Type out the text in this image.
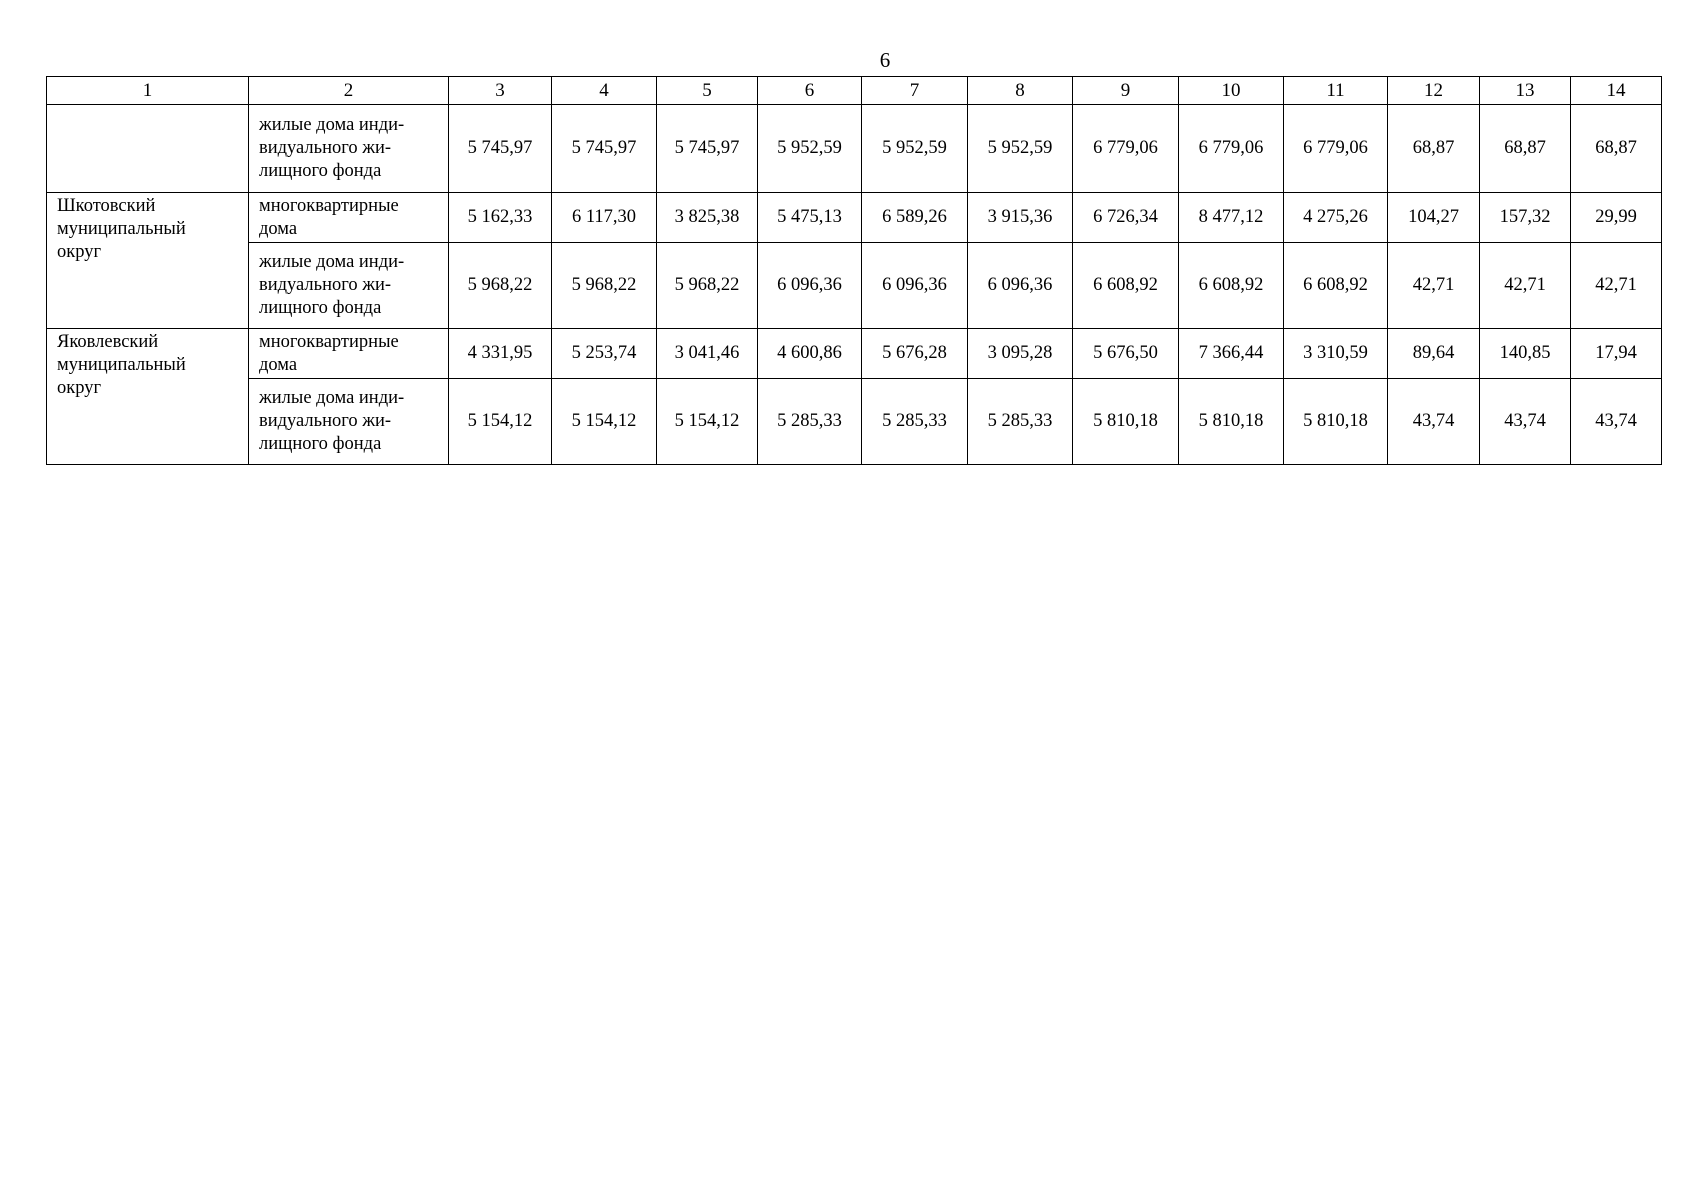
6
1	2	3	4	5	6	7	8	9	10	11	12	13	14
	жилые дома инди-
видуального жи-
лищного фонда	5 745,97	5 745,97	5 745,97	5 952,59	5 952,59	5 952,59	6 779,06	6 779,06	6 779,06	68,87	68,87	68,87
Шкотовский
муниципальный
округ	многоквартирные
дома	5 162,33	6 117,30	3 825,38	5 475,13	6 589,26	3 915,36	6 726,34	8 477,12	4 275,26	104,27	157,32	29,99
	жилые дома инди-
видуального жи-
лищного фонда	5 968,22	5 968,22	5 968,22	6 096,36	6 096,36	6 096,36	6 608,92	6 608,92	6 608,92	42,71	42,71	42,71
Яковлевский
муниципальный
округ	многоквартирные
дома	4 331,95	5 253,74	3 041,46	4 600,86	5 676,28	3 095,28	5 676,50	7 366,44	3 310,59	89,64	140,85	17,94
	жилые дома инди-
видуального жи-
лищного фонда	5 154,12	5 154,12	5 154,12	5 285,33	5 285,33	5 285,33	5 810,18	5 810,18	5 810,18	43,74	43,74	43,74
